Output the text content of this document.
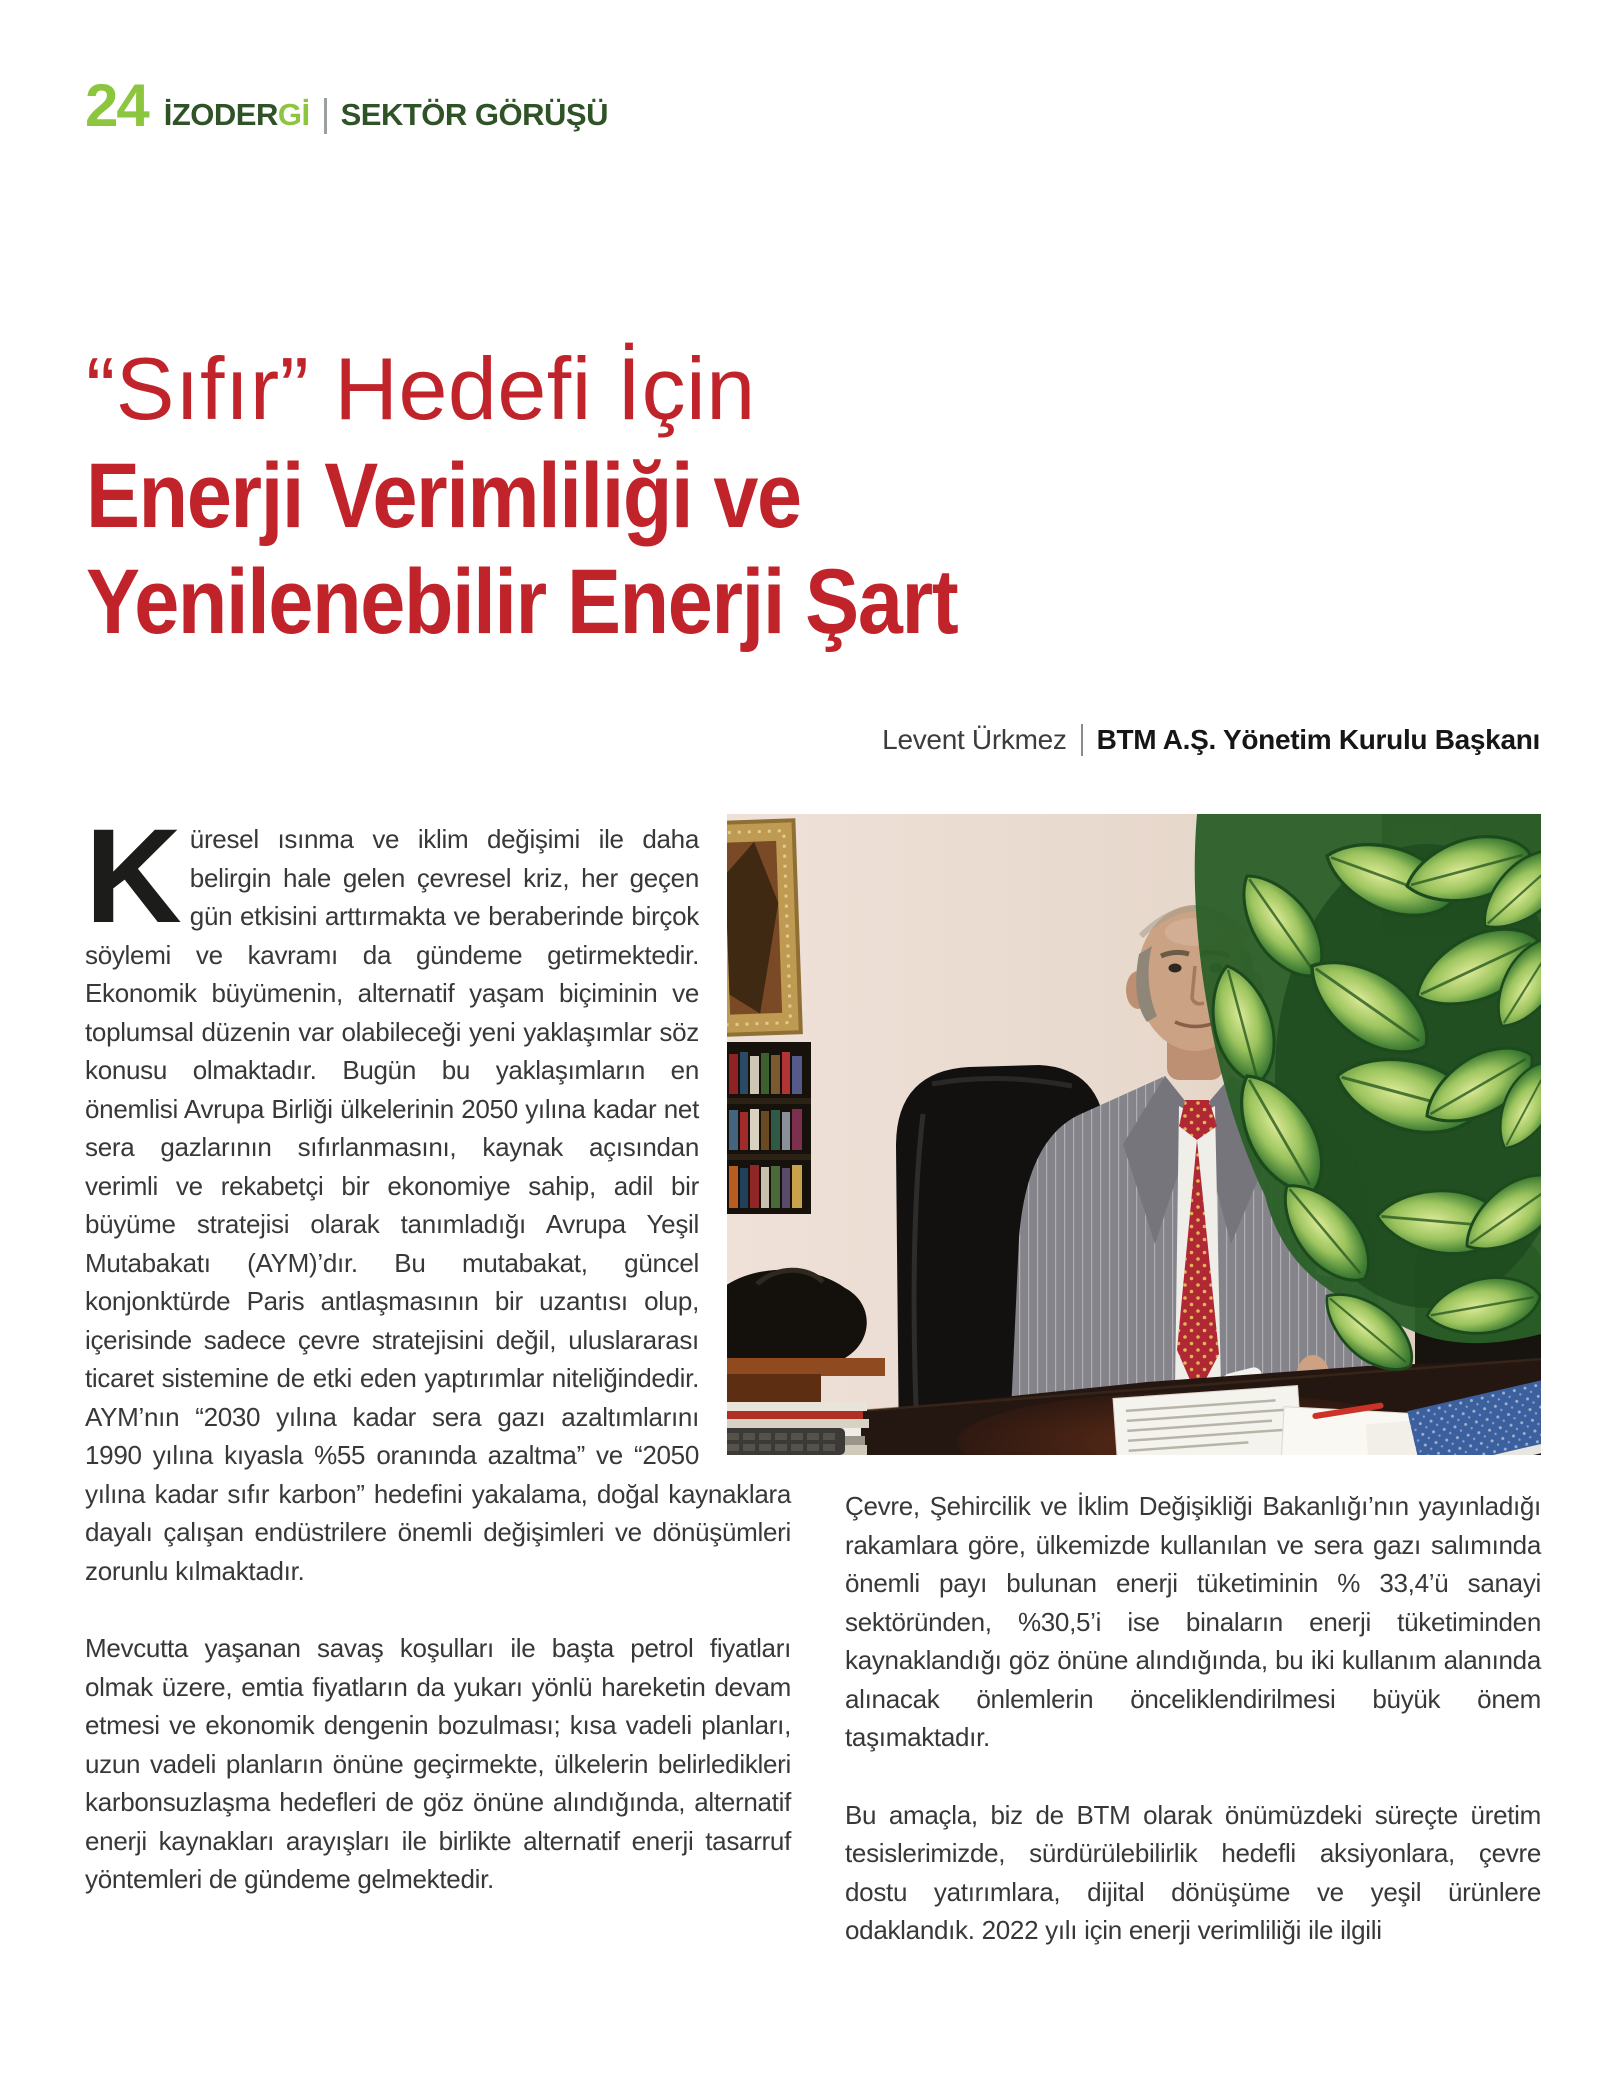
24 İZODERGİ SEKTÖR GÖRÜŞÜ
“Sıfır” Hedefi İçin
Enerji Verimliliği ve
Yenilenebilir Enerji Şart
Levent Ürkmez BTM A.Ş. Yönetim Kurulu Başkanı

Küresel ısınma ve iklim değişimi ile daha belirgin hale gelen çevresel kriz, her geçen gün etkisini arttırmakta ve beraberinde birçok söylemi ve kavramı da gündeme getirmektedir. Ekonomik büyümenin, alternatif yaşam biçiminin ve toplumsal düzenin var olabileceği yeni yaklaşımlar söz konusu olmaktadır. Bugün bu yaklaşımların en önemlisi Avrupa Birliği ülkelerinin 2050 yılına kadar net sera gazlarının sıfırlanmasını, kaynak açısından verimli ve rekabetçi bir ekonomiye sahip, adil bir büyüme stratejisi olarak tanımladığı Avrupa Yeşil Mutabakatı (AYM)’dır. Bu mutabakat, güncel konjonktürde Paris antlaşmasının bir uzantısı olup, içerisinde sadece çevre stratejisini değil, uluslararası ticaret sistemine de etki eden yaptırımlar niteliğindedir. AYM’nın “2030 yılına kadar sera gazı azaltımlarını 1990 yılına kıyasla %55 oranında azaltma” ve “2050 yılına kadar sıfır karbon” hedefini yakalama, doğal kaynaklara dayalı çalışan endüstrilere önemli değişimleri ve dönüşümleri zorunlu kılmaktadır.

Mevcutta yaşanan savaş koşulları ile başta petrol fiyatları olmak üzere, emtia fiyatların da yukarı yönlü hareketin devam etmesi ve ekonomik dengenin bozulması; kısa vadeli planları, uzun vadeli planların önüne geçirmekte, ülkelerin belirledikleri karbonsuzlaşma hedefleri de göz önüne alındığında, alternatif enerji kaynakları arayışları ile birlikte alternatif enerji tasarruf yöntemleri de gündeme gelmektedir.

Çevre, Şehircilik ve İklim Değişikliği Bakanlığı’nın yayınladığı rakamlara göre, ülkemizde kullanılan ve sera gazı salımında önemli payı bulunan enerji tüketiminin % 33,4’ü sanayi sektöründen, %30,5’i ise binaların enerji tüketiminden kaynaklandığı göz önüne alındığında, bu iki kullanım alanında alınacak önlemlerin önceliklendirilmesi büyük önem taşımaktadır.

Bu amaçla, biz de BTM olarak önümüzdeki süreçte üretim tesislerimizde, sürdürülebilirlik hedefli aksiyonlara, çevre dostu yatırımlara, dijital dönüşüme ve yeşil ürünlere odaklandık. 2022 yılı için enerji verimliliği ile ilgili
